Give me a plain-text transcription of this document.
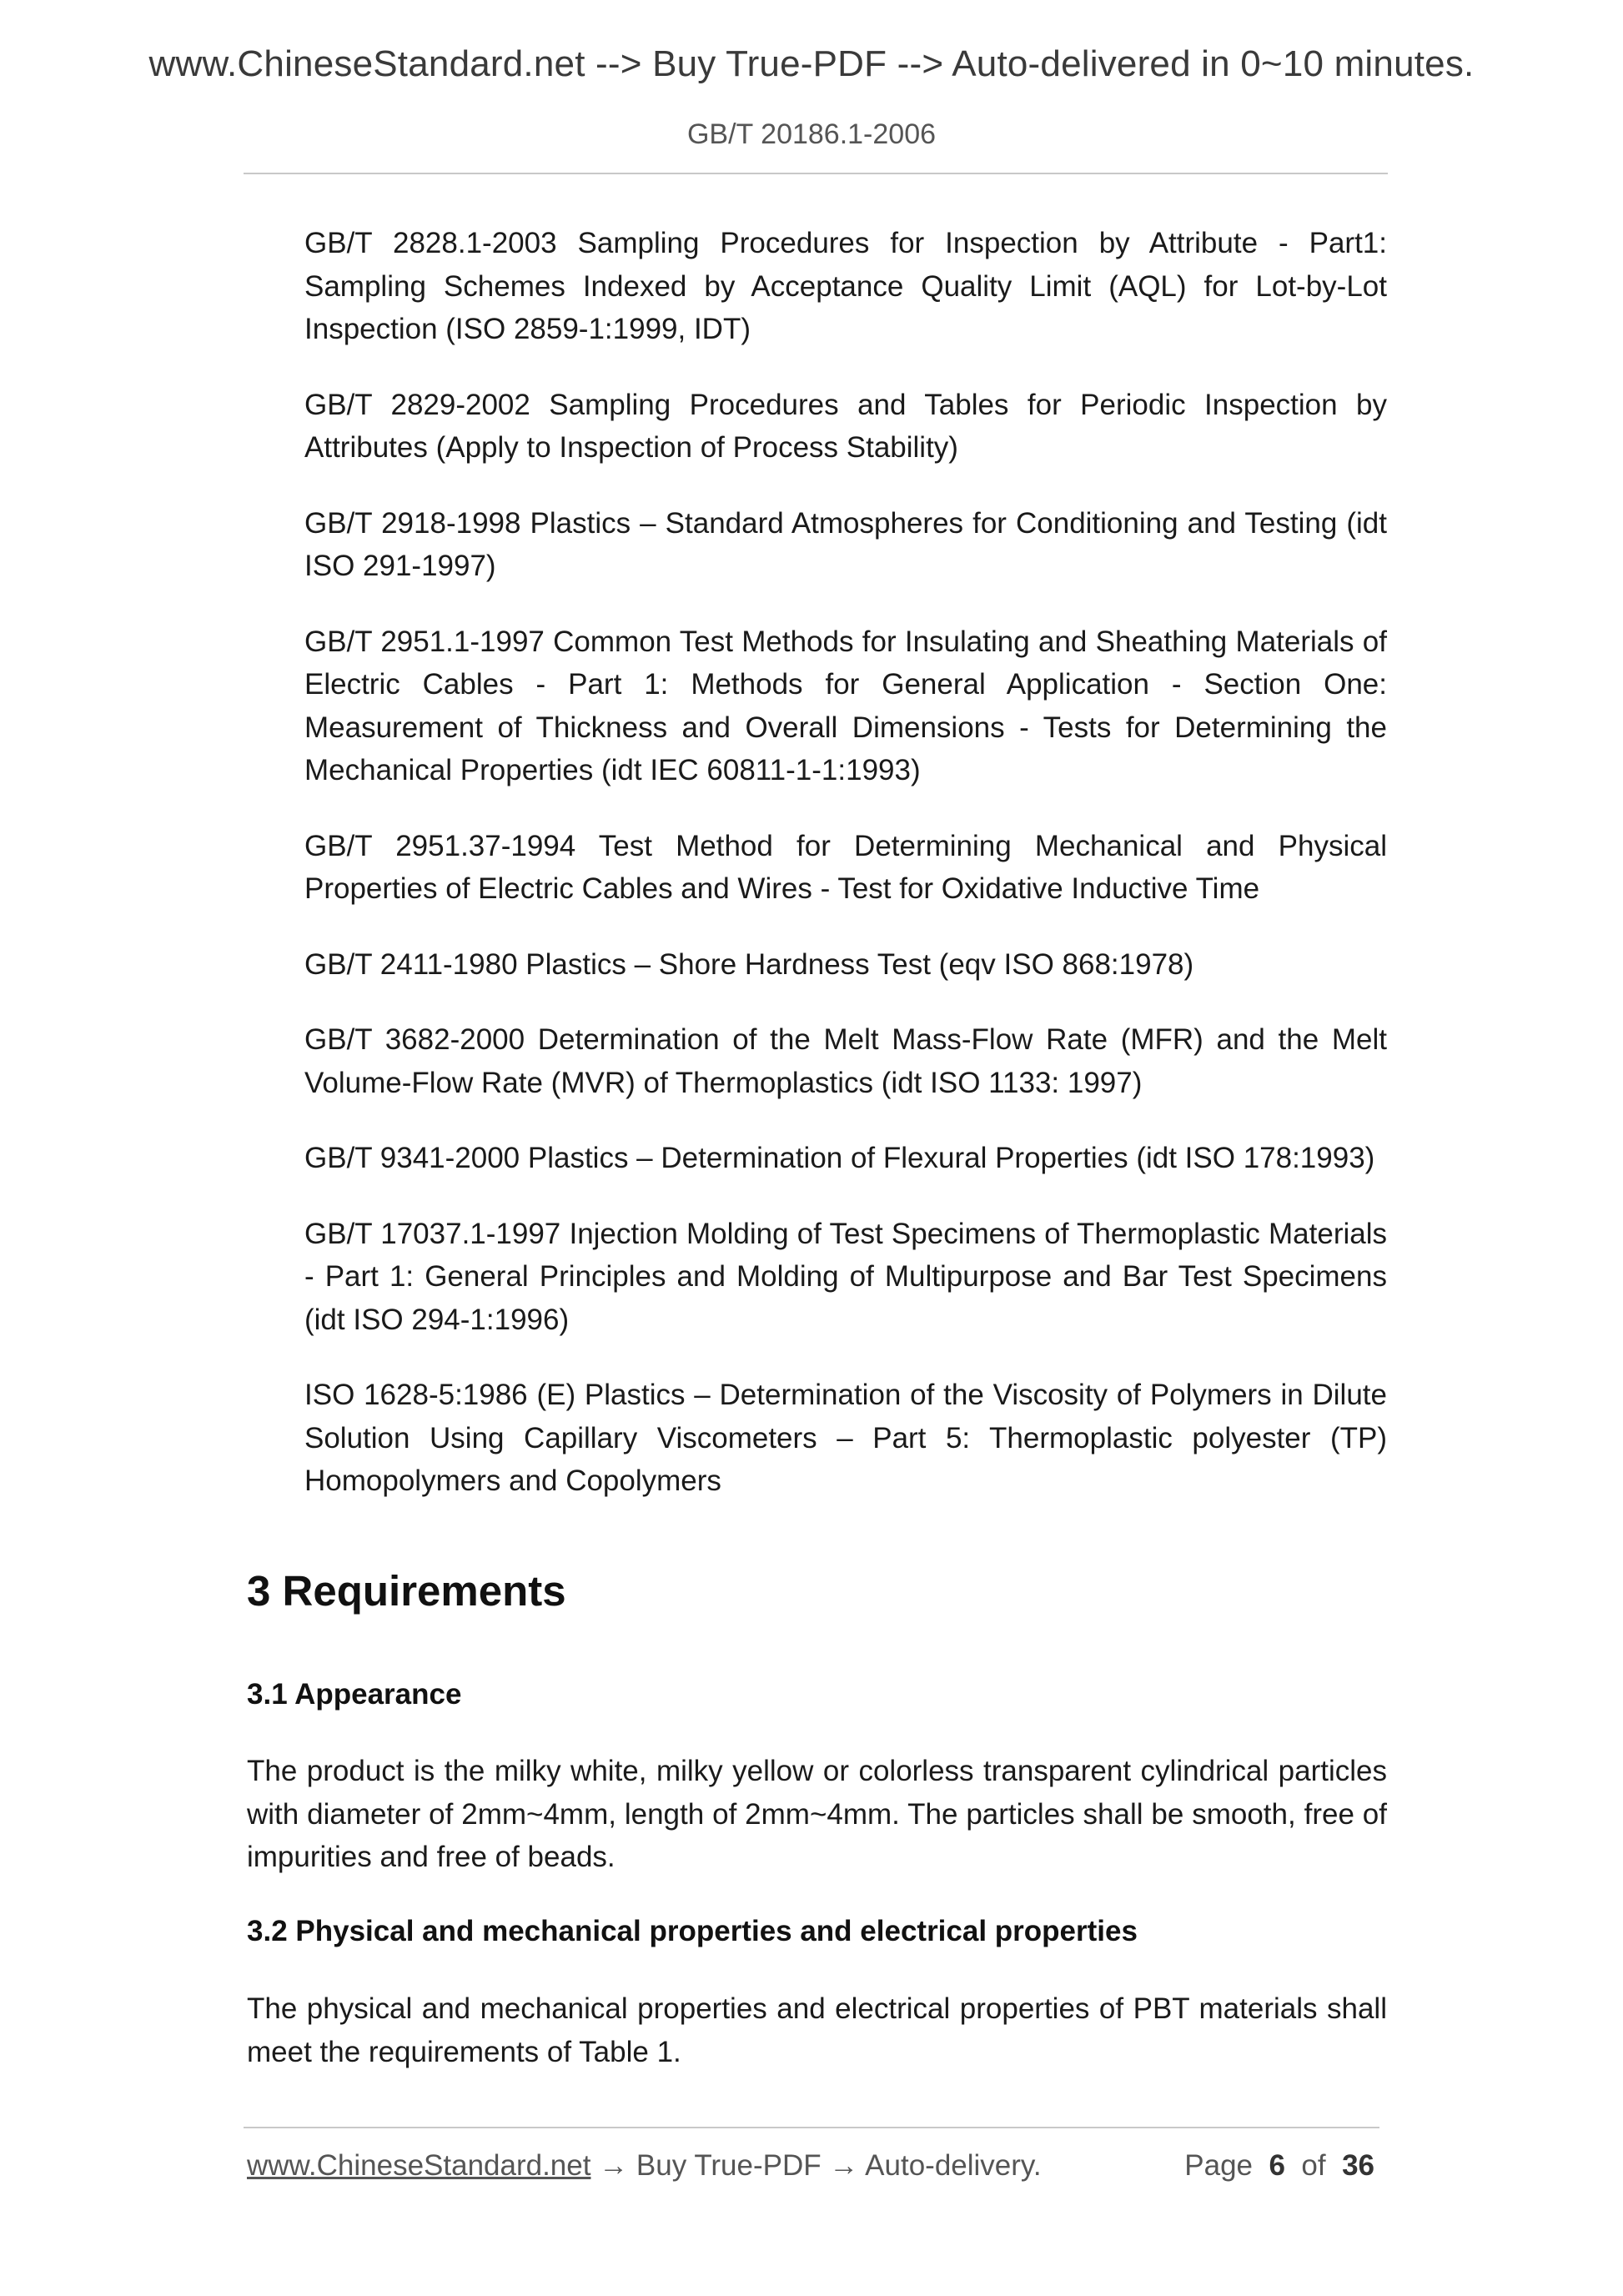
www.ChineseStandard.net --> Buy True-PDF --> Auto-delivered in 0~10 minutes.
GB/T 20186.1-2006

GB/T 2828.1-2003 Sampling Procedures for Inspection by Attribute - Part1: Sampling Schemes Indexed by Acceptance Quality Limit (AQL) for Lot-by-Lot Inspection (ISO 2859-1:1999, IDT)

GB/T 2829-2002 Sampling Procedures and Tables for Periodic Inspection by Attributes (Apply to Inspection of Process Stability)

GB/T 2918-1998 Plastics – Standard Atmospheres for Conditioning and Testing (idt ISO 291-1997)

GB/T 2951.1-1997 Common Test Methods for Insulating and Sheathing Materials of Electric Cables - Part 1: Methods for General Application - Section One: Measurement of Thickness and Overall Dimensions - Tests for Determining the Mechanical Properties (idt IEC 60811-1-1:1993)

GB/T 2951.37-1994 Test Method for Determining Mechanical and Physical Properties of Electric Cables and Wires - Test for Oxidative Inductive Time

GB/T 2411-1980 Plastics – Shore Hardness Test (eqv ISO 868:1978)

GB/T 3682-2000 Determination of the Melt Mass-Flow Rate (MFR) and the Melt Volume-Flow Rate (MVR) of Thermoplastics (idt ISO 1133: 1997)

GB/T 9341-2000 Plastics – Determination of Flexural Properties (idt ISO 178:1993)

GB/T 17037.1-1997 Injection Molding of Test Specimens of Thermoplastic Materials - Part 1: General Principles and Molding of Multipurpose and Bar Test Specimens (idt ISO 294-1:1996)

ISO 1628-5:1986 (E) Plastics – Determination of the Viscosity of Polymers in Dilute Solution Using Capillary Viscometers – Part 5: Thermoplastic polyester (TP) Homopolymers and Copolymers

3 Requirements
3.1 Appearance
The product is the milky white, milky yellow or colorless transparent cylindrical particles with diameter of 2mm~4mm, length of 2mm~4mm. The particles shall be smooth, free of impurities and free of beads.
3.2 Physical and mechanical properties and electrical properties
The physical and mechanical properties and electrical properties of PBT materials shall meet the requirements of Table 1.
www.ChineseStandard.net → Buy True-PDF → Auto-delivery.	Page 6 of 36
